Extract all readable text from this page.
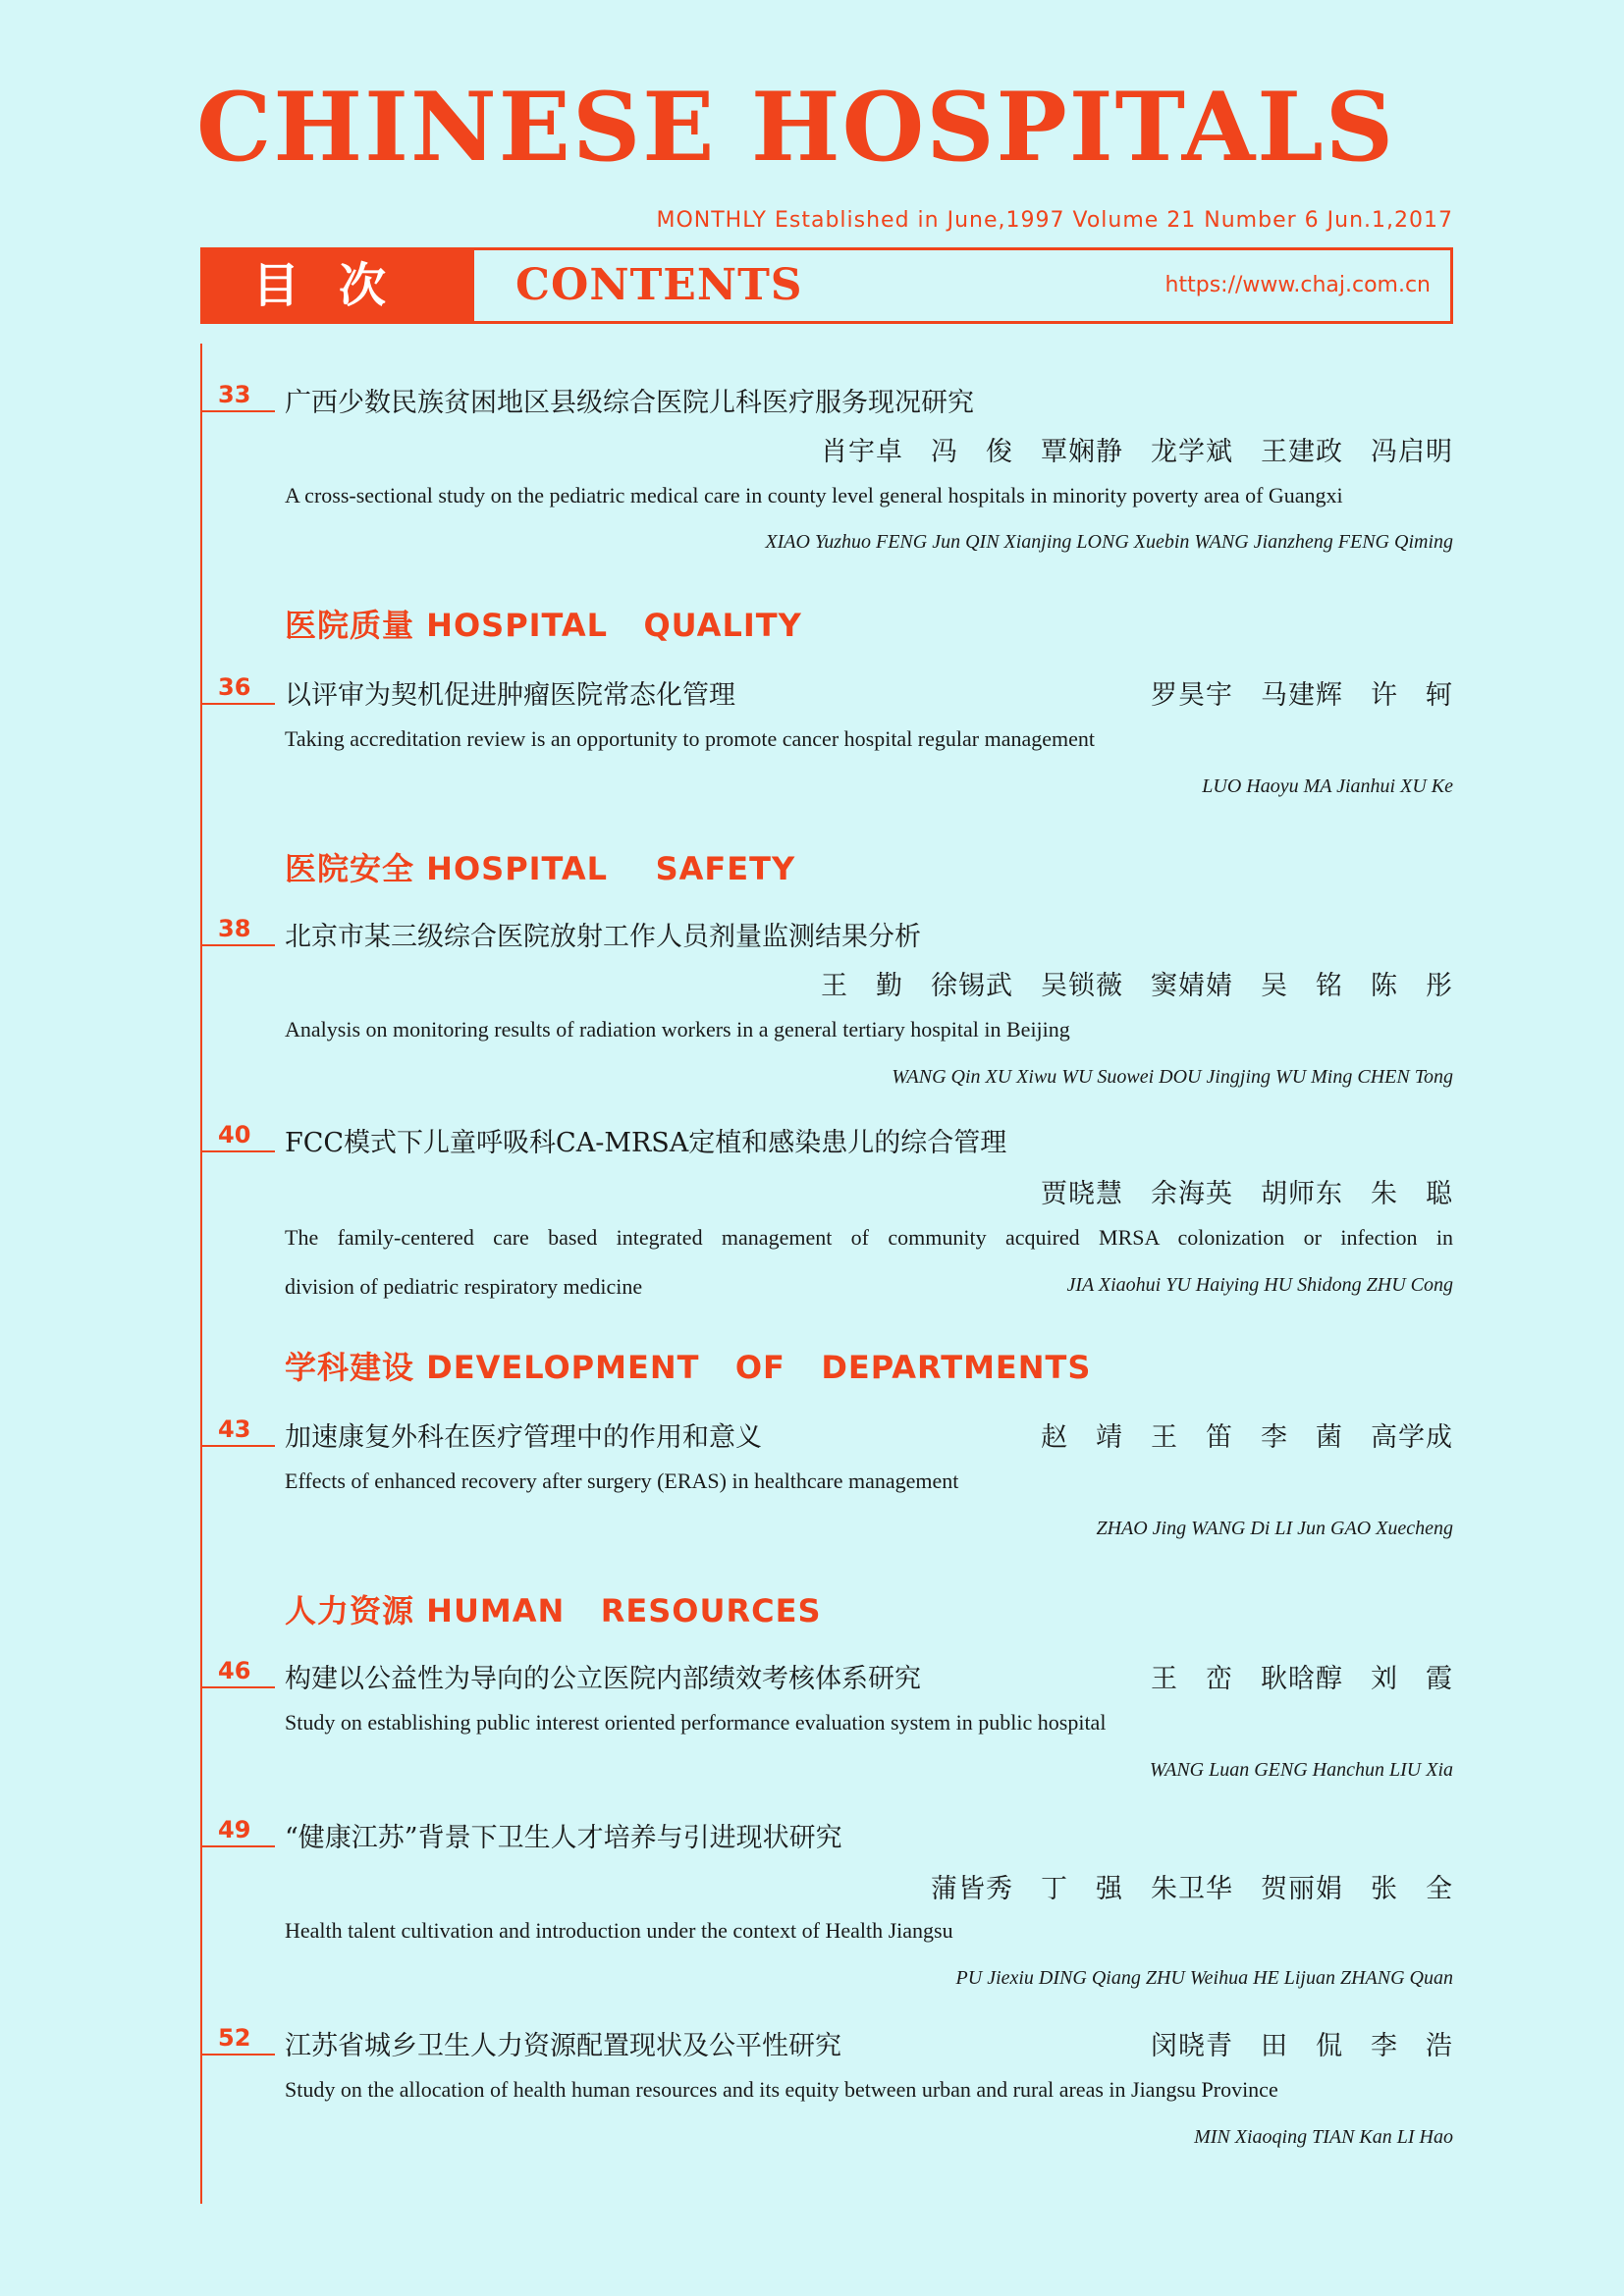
CHINESE HOSPITALS
MONTHLY Established in June,1997 Volume 21 Number 6 Jun.1,2017
目次	CONTENTS	https://www.chaj.com.cn
33 广西少数民族贫困地区县级综合医院儿科医疗服务现况研究
肖宇卓　冯　俊　覃娴静　龙学斌　王建政　冯启明
A cross-sectional study on the pediatric medical care in county level general hospitals in minority poverty area of Guangxi
XIAO Yuzhuo FENG Jun QIN Xianjing LONG Xuebin WANG Jianzheng FENG Qiming
医院质量 HOSPITAL   QUALITY
36 以评审为契机促进肿瘤医院常态化管理	罗昊宇　马建辉　许　轲
Taking accreditation review is an opportunity to promote cancer hospital regular management
LUO Haoyu MA Jianhui XU Ke
医院安全 HOSPITAL    SAFETY
38 北京市某三级综合医院放射工作人员剂量监测结果分析
王　勤　徐锡武　吴锁薇　窦婧婧　吴　铭　陈　彤
Analysis on monitoring results of radiation workers in a general tertiary hospital in Beijing
WANG Qin XU Xiwu WU Suowei DOU Jingjing WU Ming CHEN Tong
40 FCC模式下儿童呼吸科CA-MRSA定植和感染患儿的综合管理
贾晓慧　余海英　胡师东　朱　聪
The family-centered care based integrated management of community acquired MRSA colonization or infection in
division of pediatric respiratory medicine	JIA Xiaohui YU Haiying HU Shidong ZHU Cong
学科建设 DEVELOPMENT   OF   DEPARTMENTS
43 加速康复外科在医疗管理中的作用和意义	赵　靖　王　笛　李　菌　高学成
Effects of enhanced recovery after surgery (ERAS) in healthcare management
ZHAO Jing WANG Di LI Jun GAO Xuecheng
人力资源 HUMAN   RESOURCES
46 构建以公益性为导向的公立医院内部绩效考核体系研究	王　峦　耿晗醇　刘　霞
Study on establishing public interest oriented performance evaluation system in public hospital
WANG Luan GENG Hanchun LIU Xia
49 “健康江苏”背景下卫生人才培养与引进现状研究
蒲皆秀　丁　强　朱卫华　贺丽娟　张　全
Health talent cultivation and introduction under the context of Health Jiangsu
PU Jiexiu DING Qiang ZHU Weihua HE Lijuan ZHANG Quan
52 江苏省城乡卫生人力资源配置现状及公平性研究	闵晓青　田　侃　李　浩
Study on the allocation of health human resources and its equity between urban and rural areas in Jiangsu Province
MIN Xiaoqing TIAN Kan LI Hao
